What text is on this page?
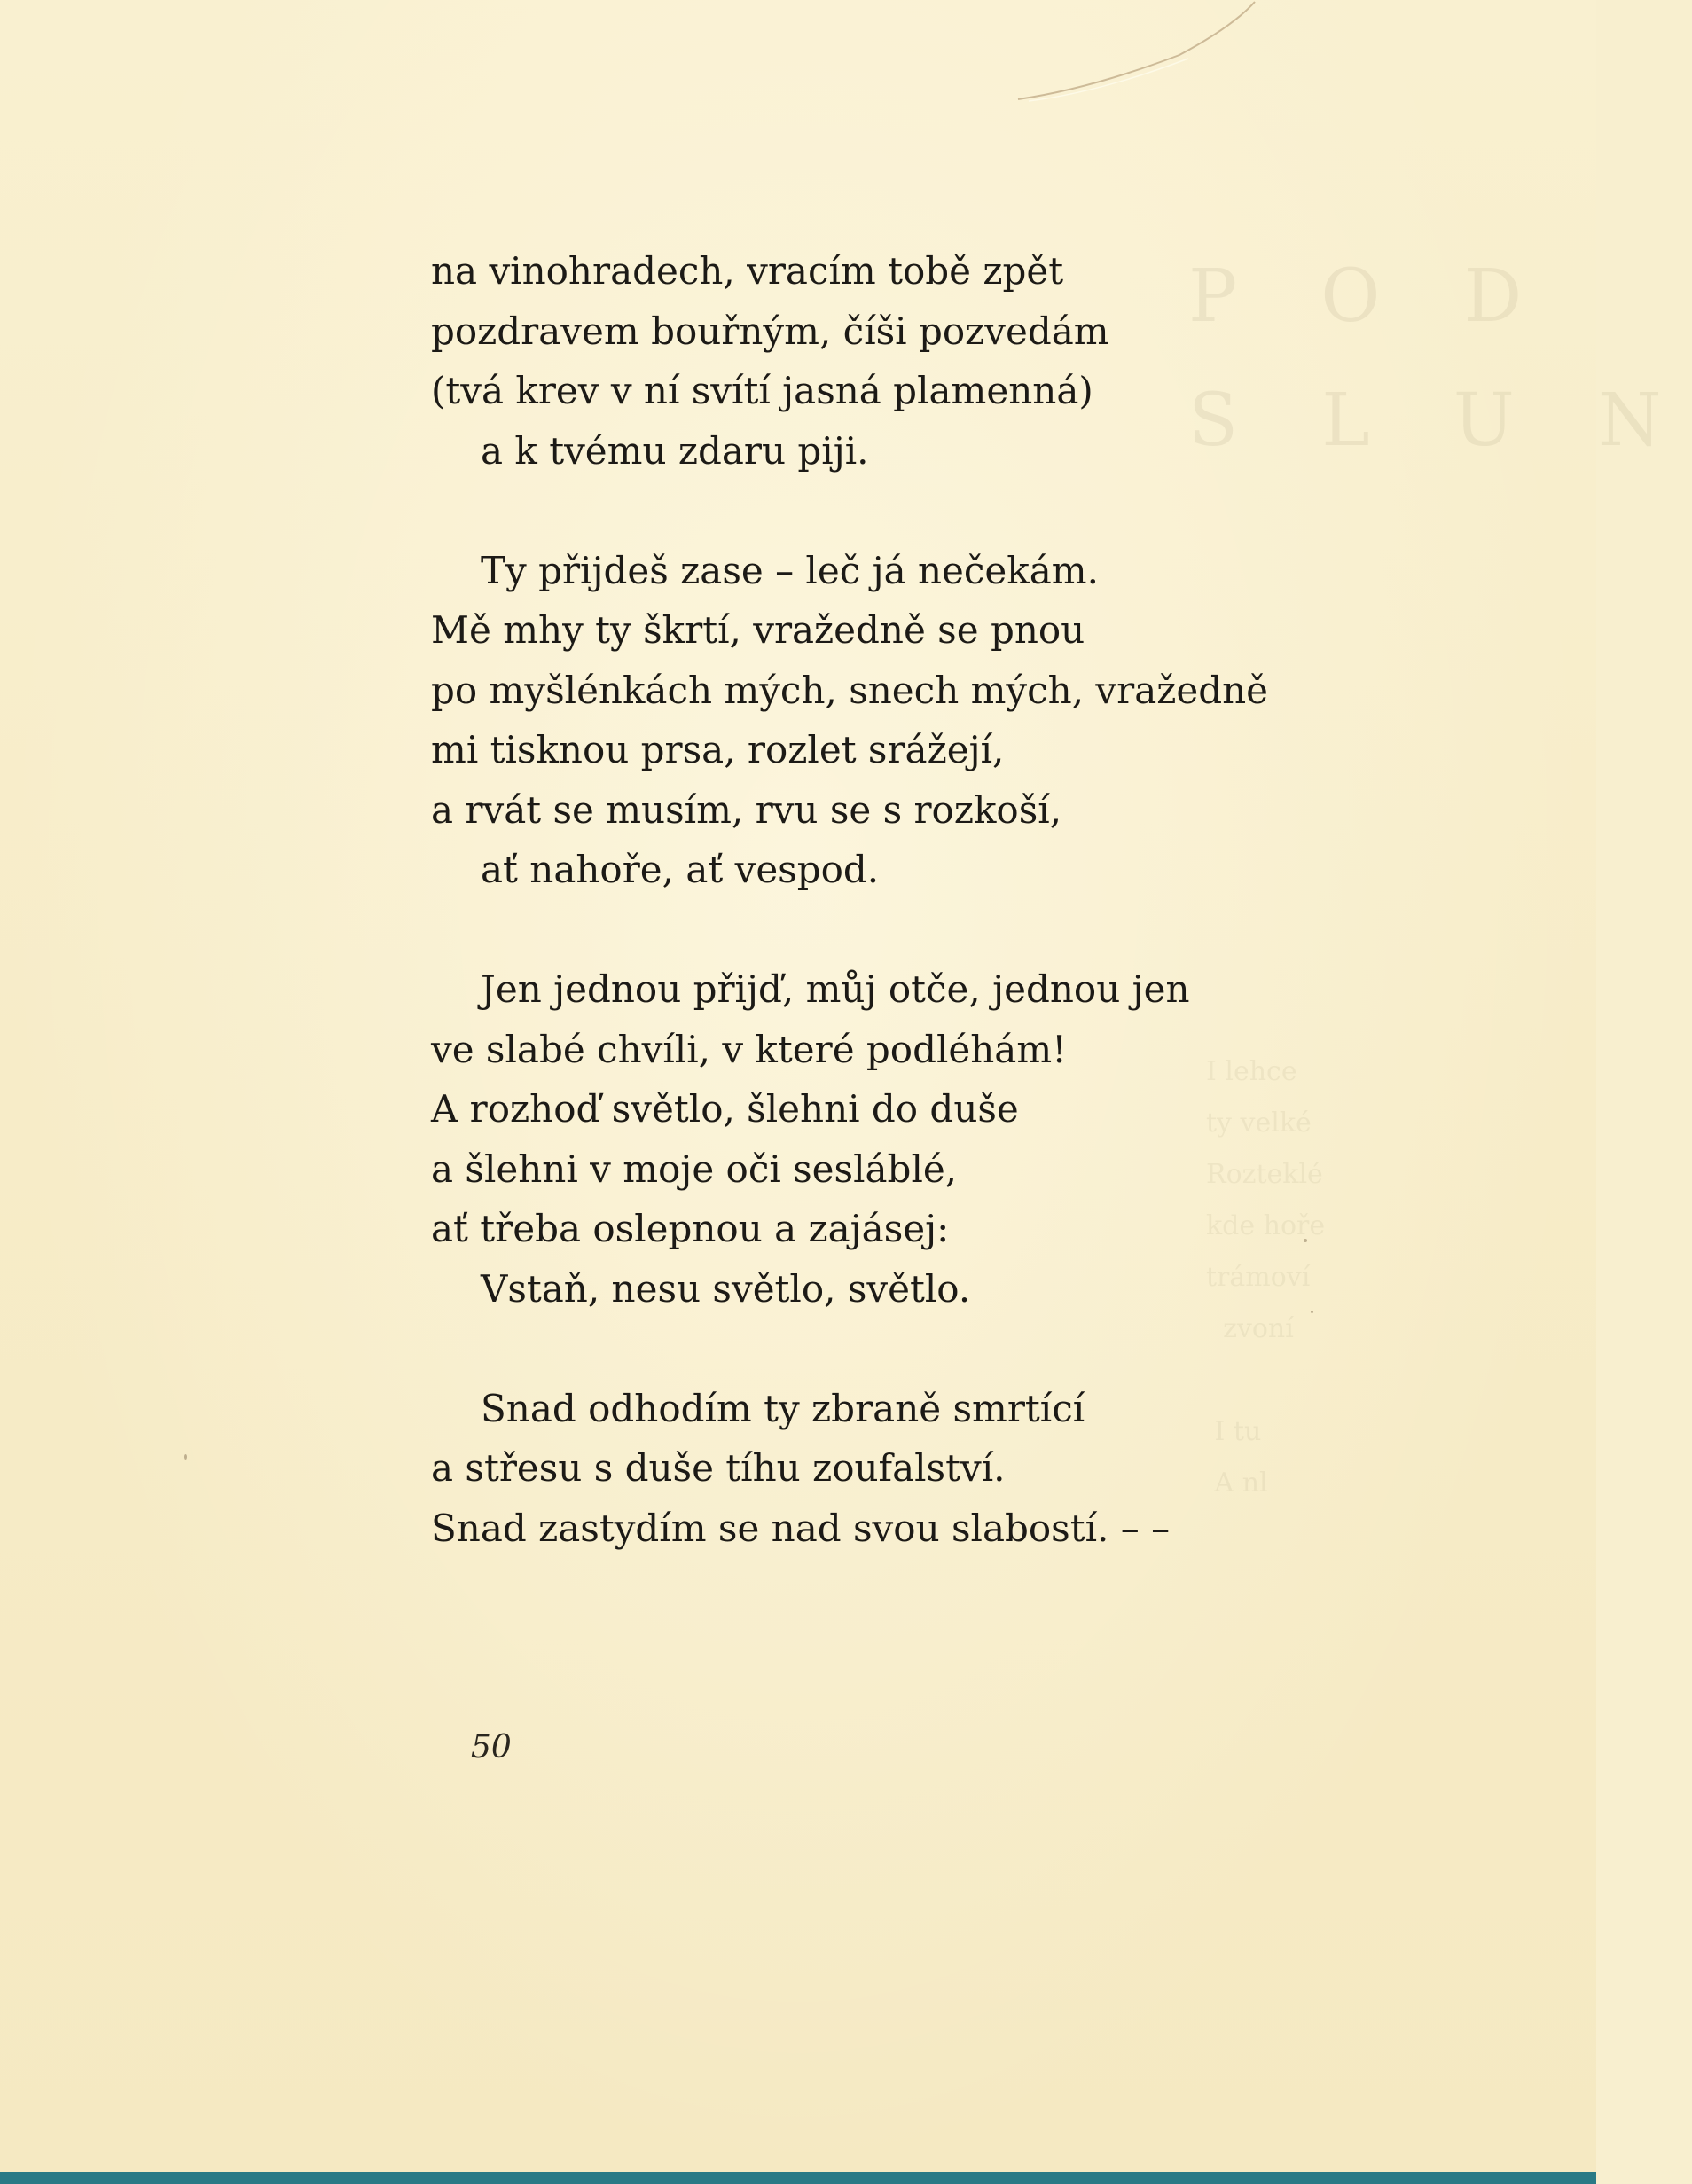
P O D
S L U N
I lehce
ty velké
Rozteklé
kde hoře
trámoví
zvoní

I tu
A nl
na vinohradech, vracím tobě zpět
pozdravem bouřným, číši pozvedám
(tvá krev v ní svítí jasná plamenná)
a k tvému zdaru piji.
Ty přijdeš zase – leč já nečekám.
Mě mhy ty škrtí, vražedně se pnou
po myšlénkách mých, snech mých, vražedně
mi tisknou prsa, rozlet srážejí,
a rvát se musím, rvu se s rozkoší,
ať nahoře, ať vespod.
Jen jednou přijď, můj otče, jednou jen
ve slabé chvíli, v které podléhám!
A rozhoď světlo, šlehni do duše
a šlehni v moje oči sesláblé,
ať třeba oslepnou a zajásej:
Vstaň, nesu světlo, světlo.
Snad odhodím ty zbraně smrtící
a střesu s duše tíhu zoufalství.
Snad zastydím se nad svou slabostí. – –
50
